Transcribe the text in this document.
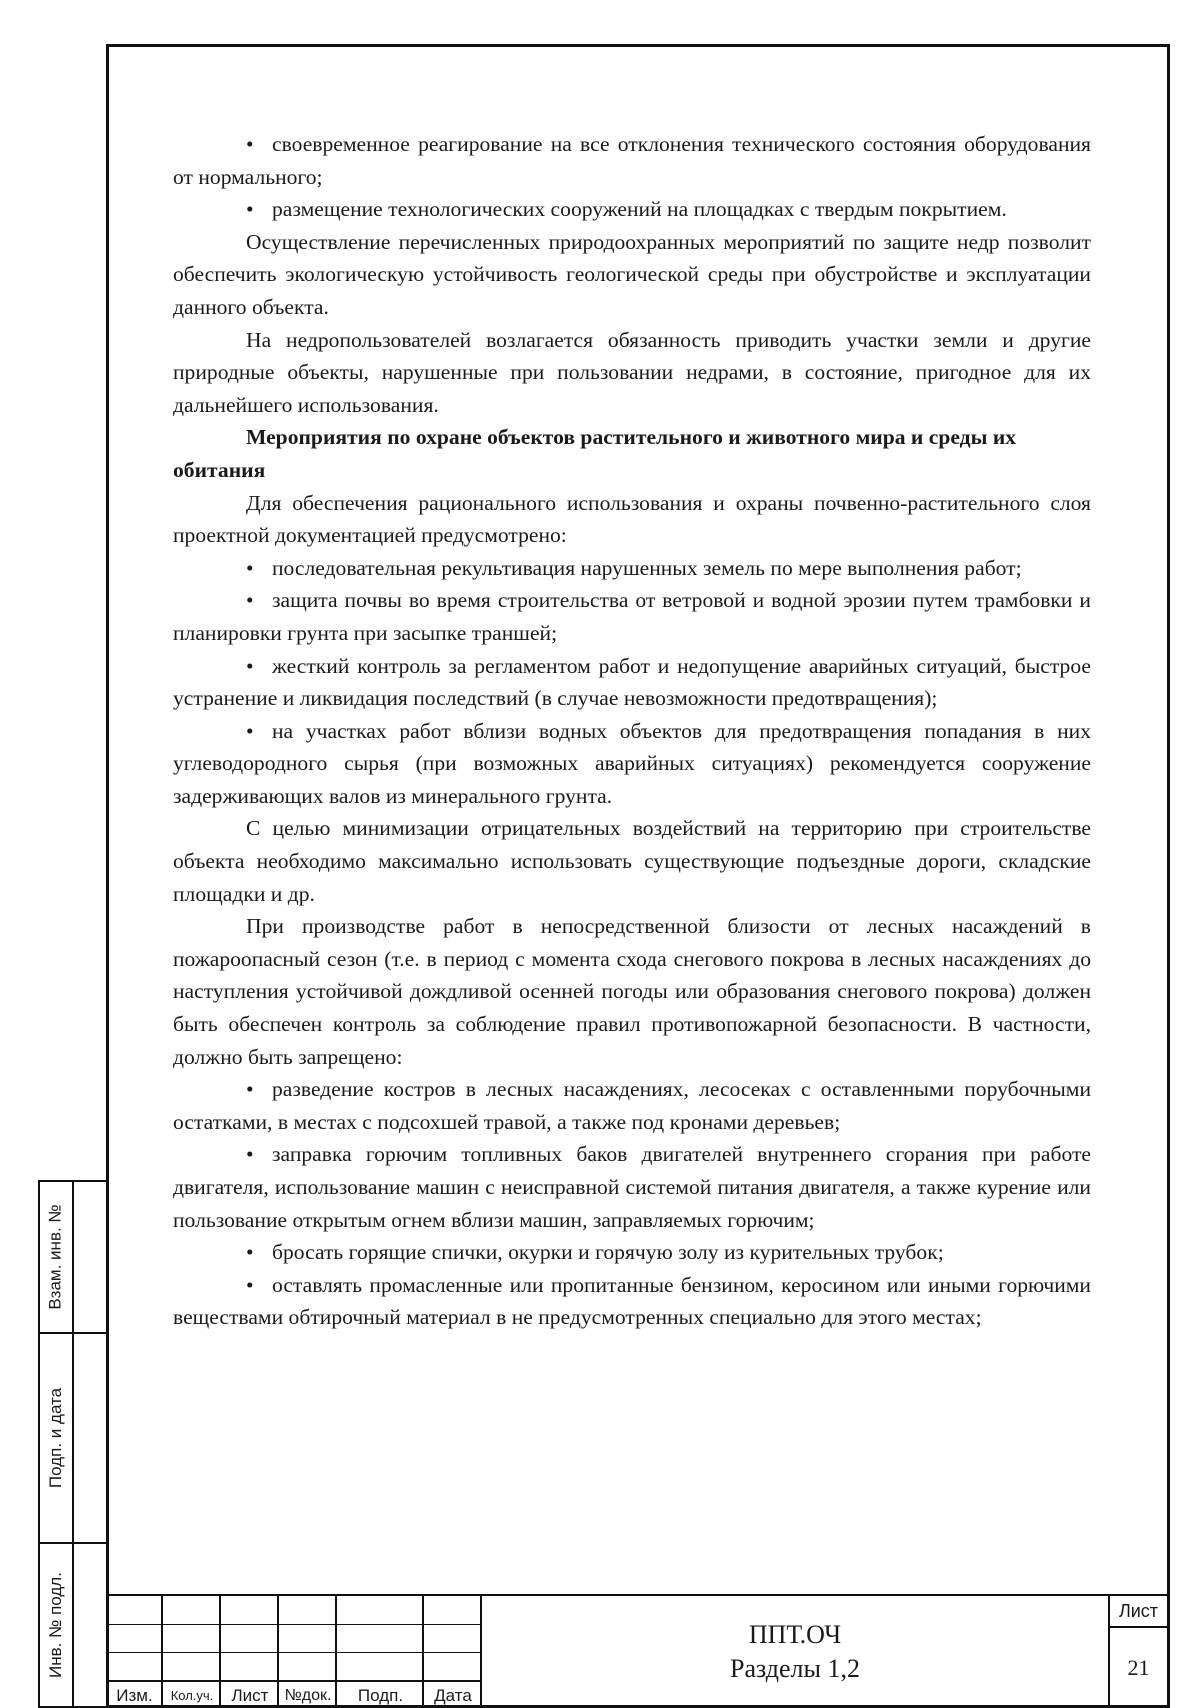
• своевременное реагирование на все отклонения технического состояния оборудования от нормального;

• размещение технологических сооружений на площадках с твердым покрытием.

Осуществление перечисленных природоохранных мероприятий по защите недр позволит обеспечить экологическую устойчивость геологической среды при обустройстве и эксплуатации данного объекта.

На недропользователей возлагается обязанность приводить участки земли и другие природные объекты, нарушенные при пользовании недрами, в состояние, пригодное для их дальнейшего использования.

Мероприятия по охране объектов растительного и животного мира и среды их обитания

Для обеспечения рационального использования и охраны почвенно-растительного слоя проектной документацией предусмотрено:

• последовательная рекультивация нарушенных земель по мере выполнения работ;

• защита почвы во время строительства от ветровой и водной эрозии путем трамбовки и планировки грунта при засыпке траншей;

• жесткий контроль за регламентом работ и недопущение аварийных ситуаций, быстрое устранение и ликвидация последствий (в случае невозможности предотвращения);

• на участках работ вблизи водных объектов для предотвращения попадания в них углеводородного сырья (при возможных аварийных ситуациях) рекомендуется сооружение задерживающих валов из минерального грунта.

С целью минимизации отрицательных воздействий на территорию при строительстве объекта необходимо максимально использовать существующие подъездные дороги, складские площадки и др.

При производстве работ в непосредственной близости от лесных насаждений в пожароопасный сезон (т.е. в период с момента схода снегового покрова в лесных насаждениях до наступления устойчивой дождливой осенней погоды или образования снегового покрова) должен быть обеспечен контроль за соблюдение правил противопожарной безопасности. В частности, должно быть запрещено:

• разведение костров в лесных насаждениях, лесосеках с оставленными порубочными остатками, в местах с подсохшей травой, а также под кронами деревьев;

• заправка горючим топливных баков двигателей внутреннего сгорания при работе двигателя, использование машин с неисправной системой питания двигателя, а также курение или пользование открытым огнем вблизи машин, заправляемых горючим;

• бросать горящие спички, окурки и горячую золу из курительных трубок;

• оставлять промасленные или пропитанные бензином, керосином или иными горючими веществами обтирочный материал в не предусмотренных специально для этого местах;

Взам. инв. №
Подп. и дата
Инв. № подл.
Изм.	Кол.уч.	Лист	№док.	Подп.	Дата
ППТ.ОЧ
Разделы 1,2
Лист
21
